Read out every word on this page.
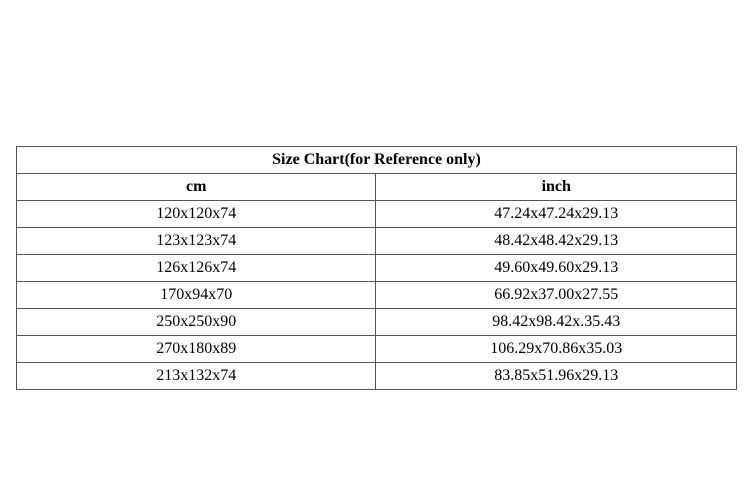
Size Chart(for Reference only)	
cm	inch
120x120x74	47.24x47.24x29.13
123x123x74	48.42x48.42x29.13
126x126x74	49.60x49.60x29.13
170x94x70	66.92x37.00x27.55
250x250x90	98.42x98.42x.35.43
270x180x89	106.29x70.86x35.03
213x132x74	83.85x51.96x29.13
